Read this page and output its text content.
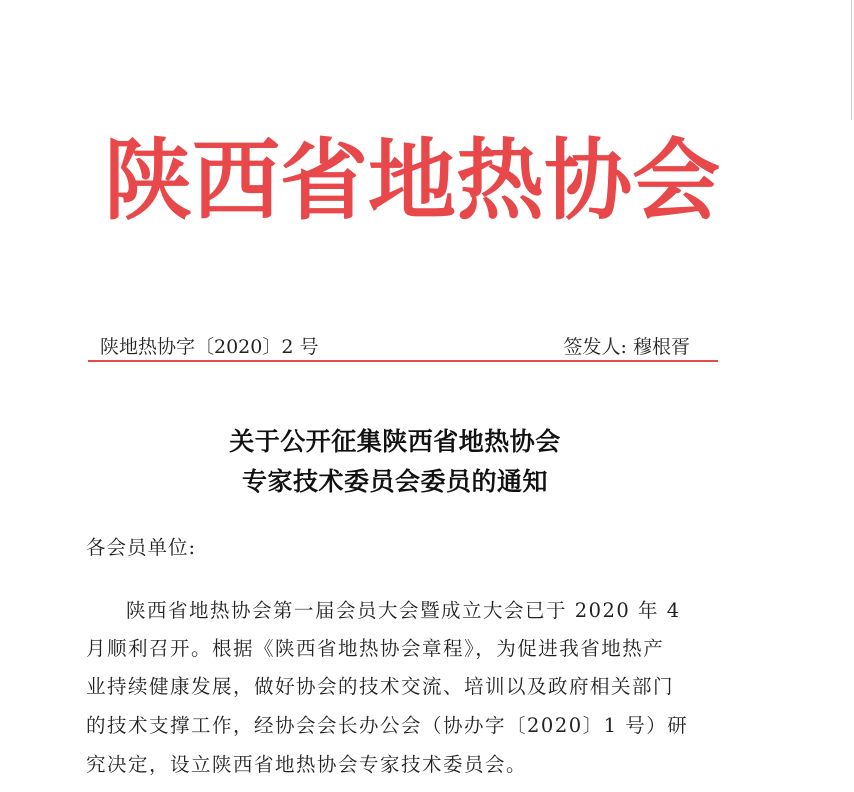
陕 西 省 地 热 协 会
陕地热协字〔2020〕2 号	签发人: 穆根胥
关于公开征集陕西省地热协会
专家技术委员会委员的通知
各会员单位:
陕西省地热协会第一届会员大会暨成立大会已于 2020 年 4
月顺利召开。根据《陕西省地热协会章程》，为促进我省地热产
业持续健康发展，做好协会的技术交流、培训以及政府相关部门
的技术支撑工作，经协会会长办公会（协办字〔2020〕1 号）研
究决定，设立陕西省地热协会专家技术委员会。
